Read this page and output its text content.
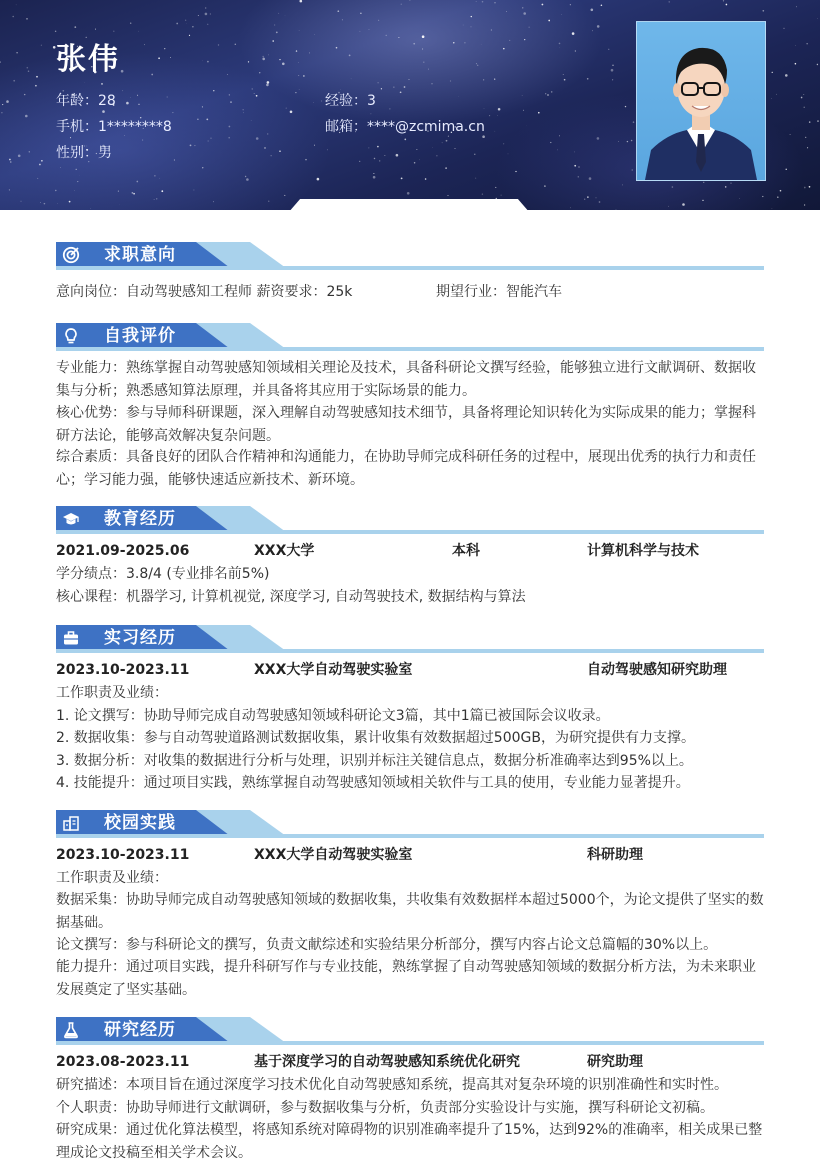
张伟
年龄：28	经验：3
手机：1********8	邮箱：****@zcmima.cn
性别：男
求职意向
意向岗位：自动驾驶感知工程师 薪资要求：25k	期望行业：智能汽车
自我评价
专业能力：熟练掌握自动驾驶感知领域相关理论及技术，具备科研论文撰写经验，能够独立进行文献调研、数据收集与分析；熟悉感知算法原理，并具备将其应用于实际场景的能力。
核心优势：参与导师科研课题，深入理解自动驾驶感知技术细节，具备将理论知识转化为实际成果的能力；掌握科研方法论，能够高效解决复杂问题。
综合素质：具备良好的团队合作精神和沟通能力，在协助导师完成科研任务的过程中，展现出优秀的执行力和责任心；学习能力强，能够快速适应新技术、新环境。
教育经历
2021.09-2025.06	XXX大学	本科	计算机科学与技术
学分绩点：3.8/4 (专业排名前5%)
核心课程：机器学习, 计算机视觉, 深度学习, 自动驾驶技术, 数据结构与算法
实习经历
2023.10-2023.11	XXX大学自动驾驶实验室	自动驾驶感知研究助理
工作职责及业绩：
1. 论文撰写：协助导师完成自动驾驶感知领域科研论文3篇，其中1篇已被国际会议收录。
2. 数据收集：参与自动驾驶道路测试数据收集，累计收集有效数据超过500GB，为研究提供有力支撑。
3. 数据分析：对收集的数据进行分析与处理，识别并标注关键信息点，数据分析准确率达到95%以上。
4. 技能提升：通过项目实践，熟练掌握自动驾驶感知领域相关软件与工具的使用，专业能力显著提升。
校园实践
2023.10-2023.11	XXX大学自动驾驶实验室	科研助理
工作职责及业绩：
数据采集：协助导师完成自动驾驶感知领域的数据收集，共收集有效数据样本超过5000个，为论文提供了坚实的数据基础。
论文撰写：参与科研论文的撰写，负责文献综述和实验结果分析部分，撰写内容占论文总篇幅的30%以上。
能力提升：通过项目实践，提升科研写作与专业技能，熟练掌握了自动驾驶感知领域的数据分析方法，为未来职业发展奠定了坚实基础。
研究经历
2023.08-2023.11	基于深度学习的自动驾驶感知系统优化研究	研究助理
研究描述：本项目旨在通过深度学习技术优化自动驾驶感知系统，提高其对复杂环境的识别准确性和实时性。
个人职责：协助导师进行文献调研，参与数据收集与分析，负责部分实验设计与实施，撰写科研论文初稿。
研究成果：通过优化算法模型，将感知系统对障碍物的识别准确率提升了15%，达到92%的准确率，相关成果已整理成论文投稿至相关学术会议。
